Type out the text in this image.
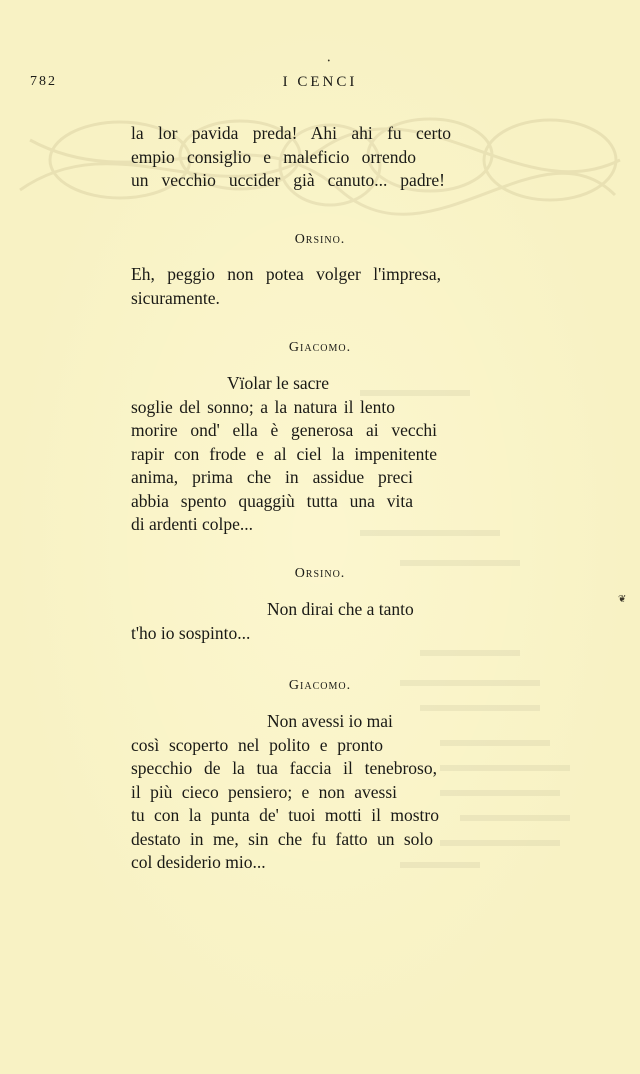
782	I CENCI
la lor pavida preda! Ahi ahi fu certo
empio consiglio e maleficio orrendo
un vecchio uccider già canuto... padre!
Orsino.
Eh, peggio non potea volger l'impresa,
sicuramente.
Giacomo.
Vïolar le sacre
soglie del sonno; a la natura il lento
morire ond' ella è generosa ai vecchi
rapir con frode e al ciel la impenitente
anima, prima che in assidue preci
abbia spento quaggiù tutta una vita
di ardenti colpe...
Orsino.
Non dirai che a tanto
t'ho io sospinto...
Giacomo.
Non avessi io mai
così scoperto nel polito e pronto
specchio de la tua faccia il tenebroso,
il più cieco pensiero; e non avessi
tu con la punta de' tuoi motti il mostro
destato in me, sin che fu fatto un solo
col desiderio mio...
❦
•
